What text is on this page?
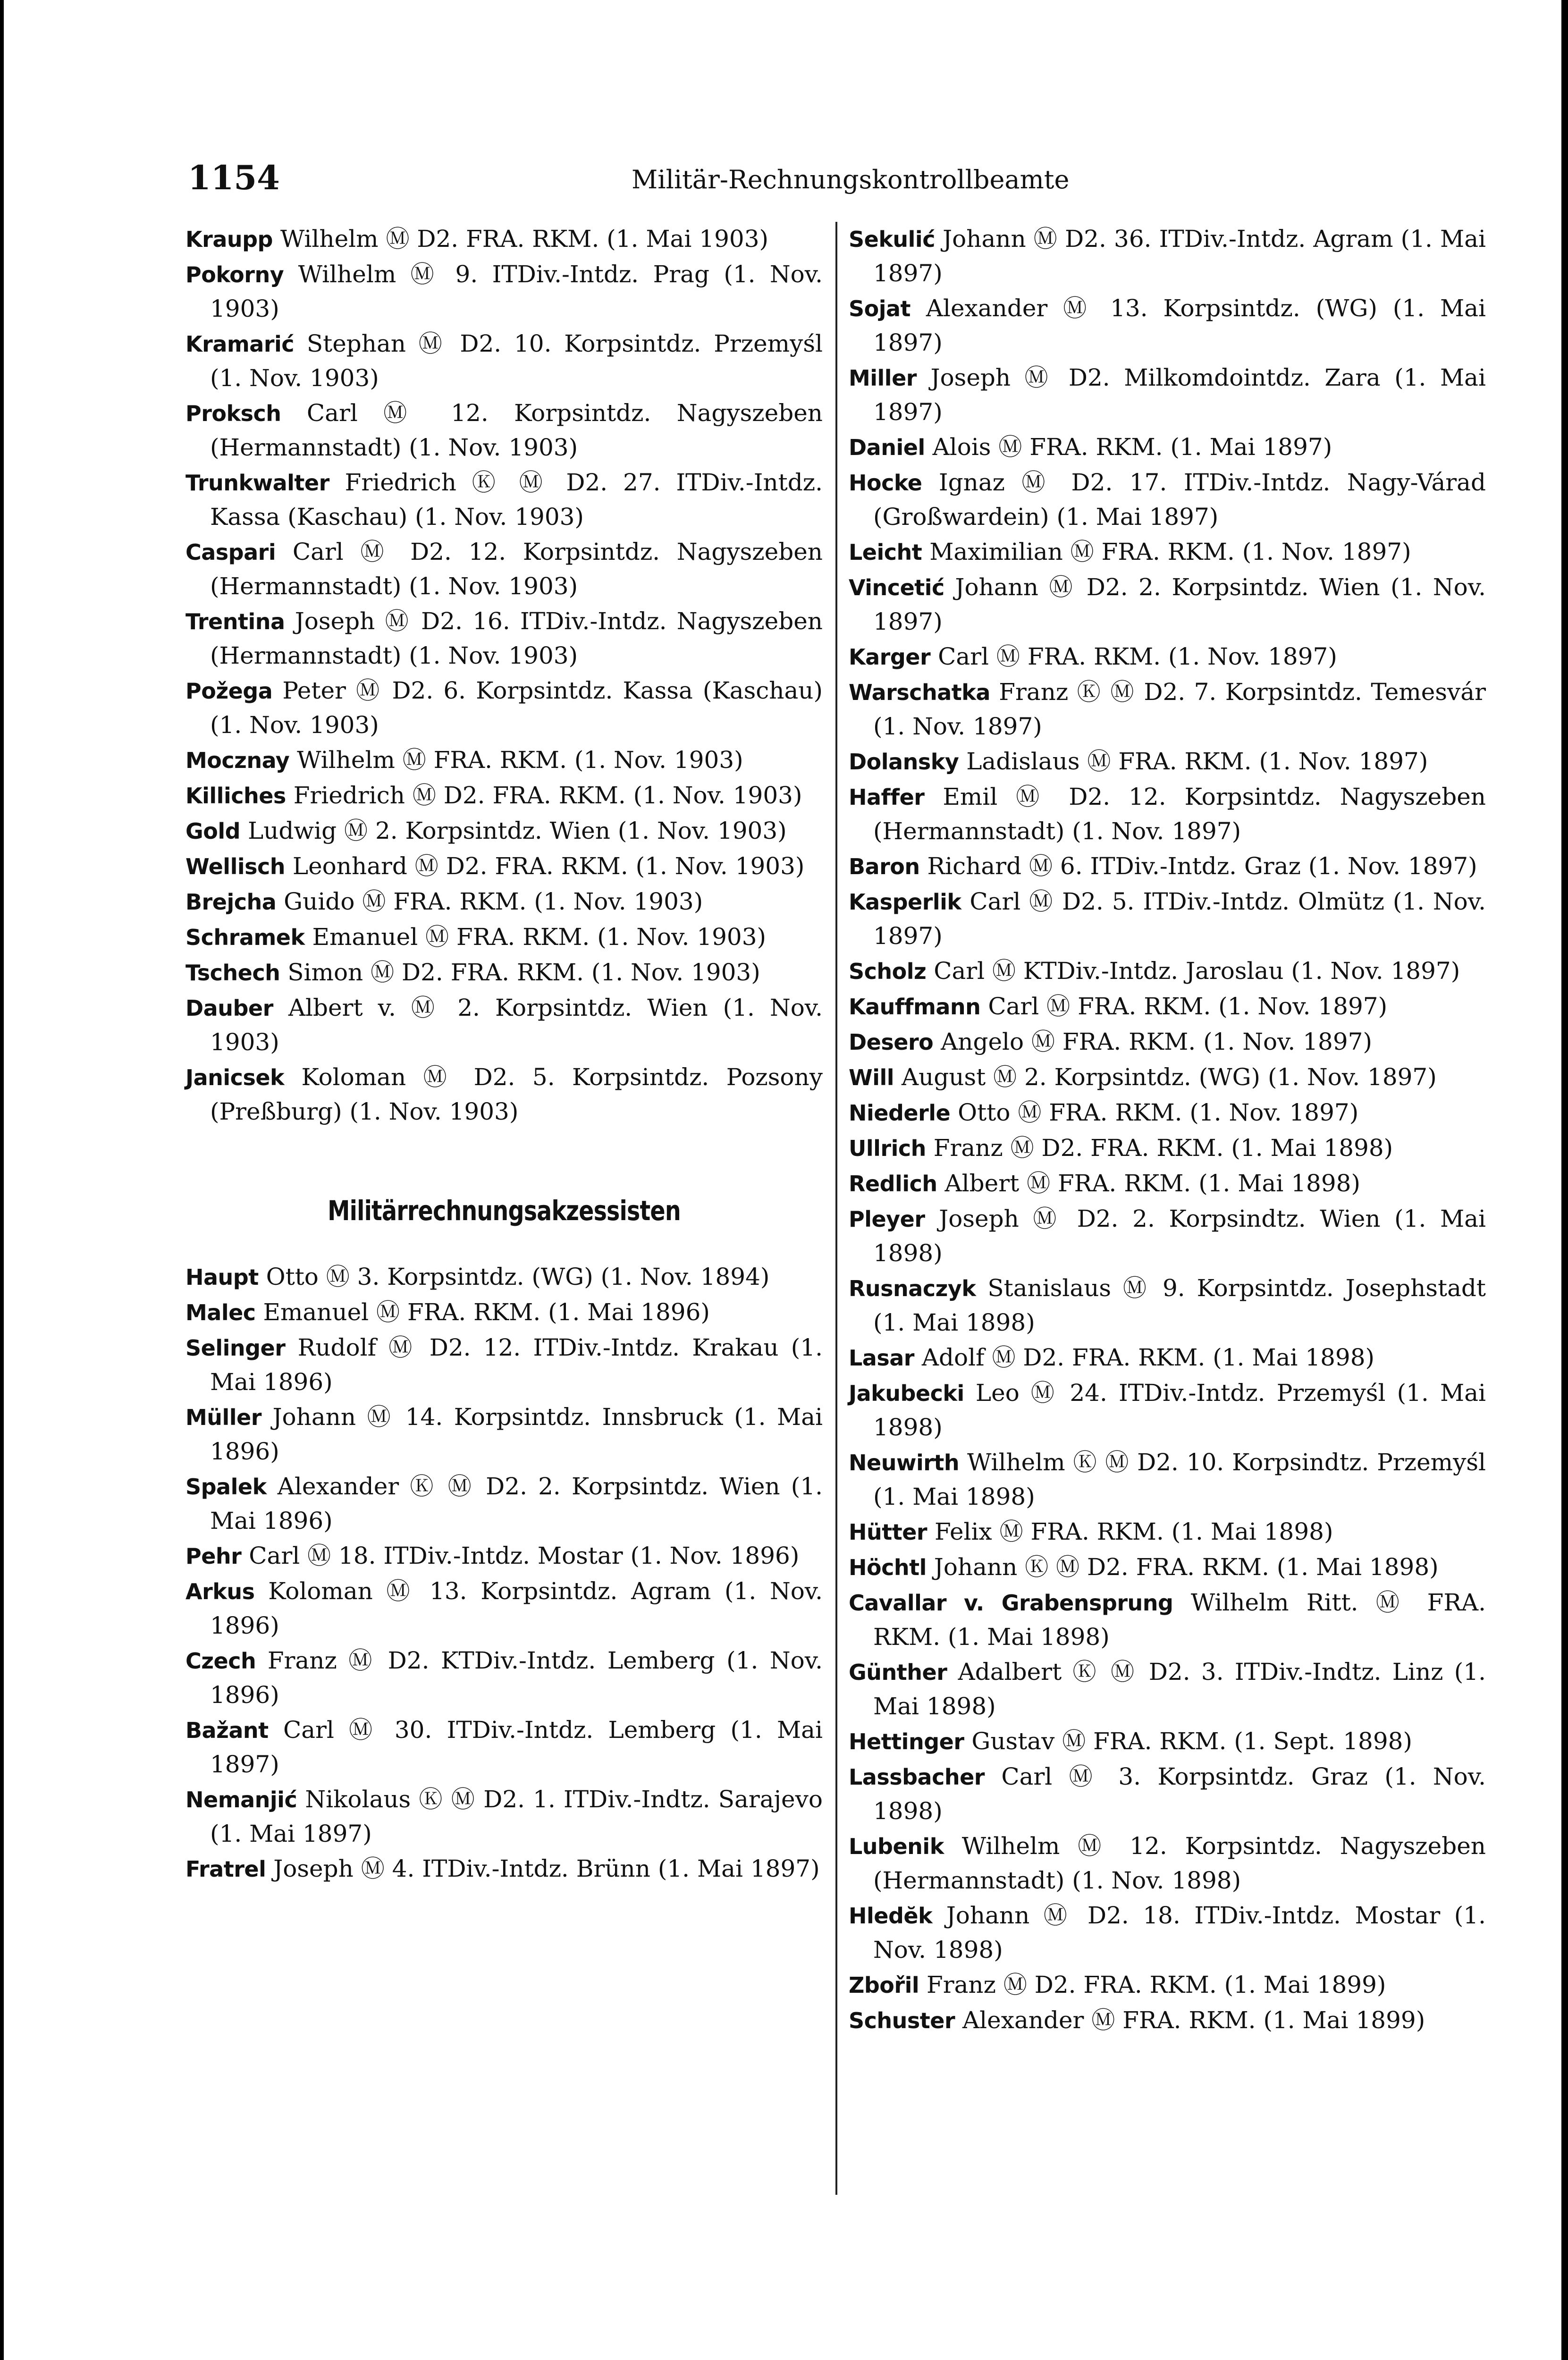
1154	Militär-Rechnungskontrollbeamte
Kraupp Wilhelm Ⓜ D2. FRA. RKM. (1. Mai 1903)
Pokorny Wilhelm Ⓜ 9. ITDiv.-Intdz. Prag (1. Nov. 1903)
Kramarić Stephan Ⓜ D2. 10. Korpsintdz. Przemyśl (1. Nov. 1903)
Proksch Carl Ⓜ 12. Korpsintdz. Nagyszeben (Hermannstadt) (1. Nov. 1903)
Trunkwalter Friedrich Ⓚ Ⓜ D2. 27. ITDiv.-Intdz. Kassa (Kaschau) (1. Nov. 1903)
Caspari Carl Ⓜ D2. 12. Korpsintdz. Nagyszeben (Hermannstadt) (1. Nov. 1903)
Trentina Joseph Ⓜ D2. 16. ITDiv.-Intdz. Nagyszeben (Hermannstadt) (1. Nov. 1903)
Požega Peter Ⓜ D2. 6. Korpsintdz. Kassa (Kaschau) (1. Nov. 1903)
Mocznay Wilhelm Ⓜ FRA. RKM. (1. Nov. 1903)
Killiches Friedrich Ⓜ D2. FRA. RKM. (1. Nov. 1903)
Gold Ludwig Ⓜ 2. Korpsintdz. Wien (1. Nov. 1903)
Wellisch Leonhard Ⓜ D2. FRA. RKM. (1. Nov. 1903)
Brejcha Guido Ⓜ FRA. RKM. (1. Nov. 1903)
Schramek Emanuel Ⓜ FRA. RKM. (1. Nov. 1903)
Tschech Simon Ⓜ D2. FRA. RKM. (1. Nov. 1903)
Dauber Albert v. Ⓜ 2. Korpsintdz. Wien (1. Nov. 1903)
Janicsek Koloman Ⓜ D2. 5. Korpsintdz. Pozsony (Preßburg) (1. Nov. 1903)
Militärrechnungsakzessisten
Haupt Otto Ⓜ 3. Korpsintdz. (WG) (1. Nov. 1894)
Malec Emanuel Ⓜ FRA. RKM. (1. Mai 1896)
Selinger Rudolf Ⓜ D2. 12. ITDiv.-Intdz. Krakau (1. Mai 1896)
Müller Johann Ⓜ 14. Korpsintdz. Innsbruck (1. Mai 1896)
Spalek Alexander Ⓚ Ⓜ D2. 2. Korpsintdz. Wien (1. Mai 1896)
Pehr Carl Ⓜ 18. ITDiv.-Intdz. Mostar (1. Nov. 1896)
Arkus Koloman Ⓜ 13. Korpsintdz. Agram (1. Nov. 1896)
Czech Franz Ⓜ D2. KTDiv.-Intdz. Lemberg (1. Nov. 1896)
Bažant Carl Ⓜ 30. ITDiv.-Intdz. Lemberg (1. Mai 1897)
Nemanjić Nikolaus Ⓚ Ⓜ D2. 1. ITDiv.-Indtz. Sarajevo (1. Mai 1897)
Fratrel Joseph Ⓜ 4. ITDiv.-Intdz. Brünn (1. Mai 1897)
Sekulić Johann Ⓜ D2. 36. ITDiv.-Intdz. Agram (1. Mai 1897)
Sojat Alexander Ⓜ 13. Korpsintdz. (WG) (1. Mai 1897)
Miller Joseph Ⓜ D2. Milkomdointdz. Zara (1. Mai 1897)
Daniel Alois Ⓜ FRA. RKM. (1. Mai 1897)
Hocke Ignaz Ⓜ D2. 17. ITDiv.-Intdz. Nagy-Várad (Großwardein) (1. Mai 1897)
Leicht Maximilian Ⓜ FRA. RKM. (1. Nov. 1897)
Vincetić Johann Ⓜ D2. 2. Korpsintdz. Wien (1. Nov. 1897)
Karger Carl Ⓜ FRA. RKM. (1. Nov. 1897)
Warschatka Franz Ⓚ Ⓜ D2. 7. Korpsintdz. Temesvár (1. Nov. 1897)
Dolansky Ladislaus Ⓜ FRA. RKM. (1. Nov. 1897)
Haffer Emil Ⓜ D2. 12. Korpsintdz. Nagyszeben (Hermannstadt) (1. Nov. 1897)
Baron Richard Ⓜ 6. ITDiv.-Intdz. Graz (1. Nov. 1897)
Kasperlik Carl Ⓜ D2. 5. ITDiv.-Intdz. Olmütz (1. Nov. 1897)
Scholz Carl Ⓜ KTDiv.-Intdz. Jaroslau (1. Nov. 1897)
Kauffmann Carl Ⓜ FRA. RKM. (1. Nov. 1897)
Desero Angelo Ⓜ FRA. RKM. (1. Nov. 1897)
Will August Ⓜ 2. Korpsintdz. (WG) (1. Nov. 1897)
Niederle Otto Ⓜ FRA. RKM. (1. Nov. 1897)
Ullrich Franz Ⓜ D2. FRA. RKM. (1. Mai 1898)
Redlich Albert Ⓜ FRA. RKM. (1. Mai 1898)
Pleyer Joseph Ⓜ D2. 2. Korpsindtz. Wien (1. Mai 1898)
Rusnaczyk Stanislaus Ⓜ 9. Korpsintdz. Josephstadt (1. Mai 1898)
Lasar Adolf Ⓜ D2. FRA. RKM. (1. Mai 1898)
Jakubecki Leo Ⓜ 24. ITDiv.-Intdz. Przemyśl (1. Mai 1898)
Neuwirth Wilhelm Ⓚ Ⓜ D2. 10. Korpsindtz. Przemyśl (1. Mai 1898)
Hütter Felix Ⓜ FRA. RKM. (1. Mai 1898)
Höchtl Johann Ⓚ Ⓜ D2. FRA. RKM. (1. Mai 1898)
Cavallar v. Grabensprung Wilhelm Ritt. Ⓜ FRA. RKM. (1. Mai 1898)
Günther Adalbert Ⓚ Ⓜ D2. 3. ITDiv.-Indtz. Linz (1. Mai 1898)
Hettinger Gustav Ⓜ FRA. RKM. (1. Sept. 1898)
Lassbacher Carl Ⓜ 3. Korpsintdz. Graz (1. Nov. 1898)
Lubenik Wilhelm Ⓜ 12. Korpsintdz. Nagyszeben (Hermannstadt) (1. Nov. 1898)
Hledĕk Johann Ⓜ D2. 18. ITDiv.-Intdz. Mostar (1. Nov. 1898)
Zbořil Franz Ⓜ D2. FRA. RKM. (1. Mai 1899)
Schuster Alexander Ⓜ FRA. RKM. (1. Mai 1899)
